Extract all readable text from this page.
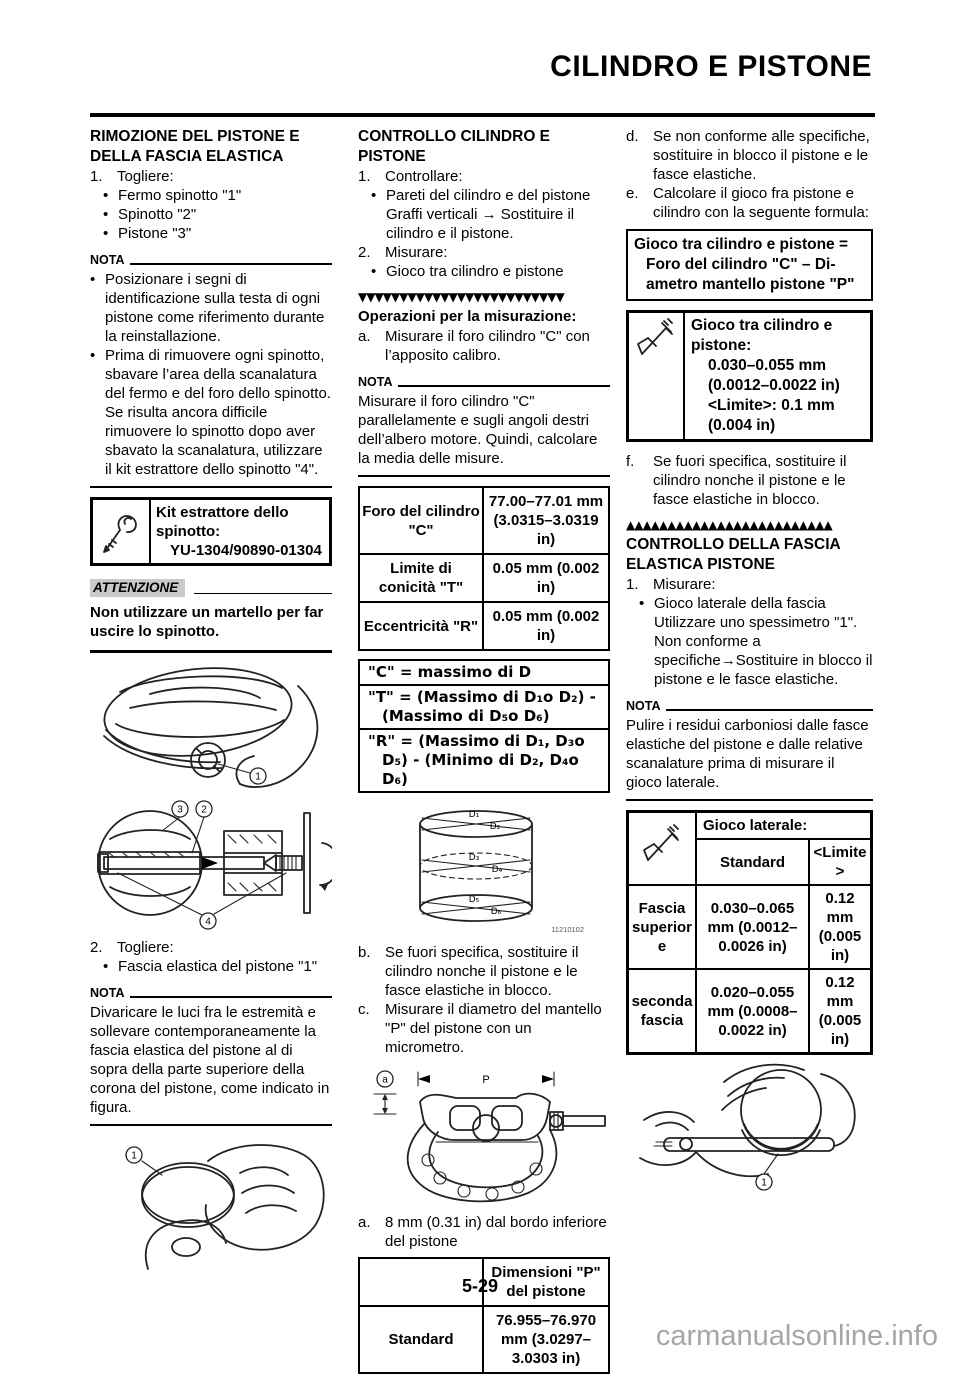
CILINDRO E PISTONE
RIMOZIONE DEL PISTONE E DELLA FASCIA ELASTICA
1. Togliere:
• Fermo spinotto "1"
• Spinotto "2"
• Pistone "3"
NOTA
• Posizionare i segni di identificazione sulla testa di ogni pistone come riferimento durante la reinstallazione.
• Prima di rimuovere ogni spinotto, sbavare l’area della scanalatura del fermo e del foro dello spinotto. Se risulta ancora difficile rimuovere lo spinotto dopo aver sbavato la scanalatura, utilizzare il kit estrattore dello spinotto "4".
Kit estrattore dello spinotto:
YU-1304/90890-01304
ATTENZIONE
Non utilizzare un martello per far uscire lo spinotto.
1
3 2
4
2. Togliere:
• Fascia elastica del pistone "1"
NOTA
Divaricare le luci fra le estremità e sollevare contemporaneamente la fascia elastica del pistone al di sopra della parte superiore della corona del pistone, come indicato in figura.
1
CONTROLLO CILINDRO E PISTONE
1. Controllare:
• Pareti del cilindro e del pistone
Graffi verticali → Sostituire il cilindro e il pistone.
2. Misurare:
• Gioco tra cilindro e pistone
▼▼▼▼▼▼▼▼▼▼▼▼▼▼▼▼▼▼▼▼▼▼▼▼▼
Operazioni per la misurazione:
a. Misurare il foro cilindro "C" con l’apposito calibro.
NOTA
Misurare il foro cilindro "C" parallelamente e sugli angoli destri dell’albero motore. Quindi, calcolare la media delle misure.
Foro del cilindro "C"	77.00–77.01 mm (3.0315–3.0319 in)
Limite di conicità "T"	0.05 mm (0.002 in)
Eccentricità "R"	0.05 mm (0.002 in)
"C" = massimo di D

"T" = (Massimo di D₁o D₂) - (Massimo di D₅o D₆)

"R" = (Massimo di D₁, D₃o D₅) - (Minimo di D₂, D₄o D₆)
D₁
D₂
D₃
D₄
D₅
D₆
11210102
b. Se fuori specifica, sostituire il cilindro nonche il pistone e le fasce elastiche in blocco.
c.	Misurare il diametro del mantello "P" del pistone con un micrometro.
a	P
a. 8 mm (0.31 in) dal bordo inferiore del pistone
	Dimensioni "P" del pistone
Standard	76.955–76.970 mm (3.0297–3.0303 in)
d. Se non conforme alle specifiche, sostituire in blocco il pistone e le fasce elastiche.
e. Calcolare il gioco fra pistone e cilindro con la seguente formula:
Gioco tra cilindro e pistone =
Foro del cilindro "C" – Di-
ametro mantello pistone "P"
Gioco tra cilindro e pistone:
0.030–0.055 mm
(0.0012–0.0022 in)
<Limite>: 0.1 mm
(0.004 in)
f.	Se fuori specifica, sostituire il cilindro nonche il pistone e le fasce elastiche in blocco.
▲▲▲▲▲▲▲▲▲▲▲▲▲▲▲▲▲▲▲▲▲▲▲▲▲
CONTROLLO DELLA FASCIA ELASTICA PISTONE
1. Misurare:
• Gioco laterale della fascia
Utilizzare uno spessimetro "1".
Non conforme a specifiche→Sostituire in blocco il pistone e le fasce elastiche.
NOTA
Pulire i residui carboniosi dalle fasce elastiche del pistone e dalle relative scanalature prima di misurare il gioco laterale.
	Gioco laterale:	
	Standard	<Limite>
Fascia superiore	0.030–0.065 mm (0.0012–0.0026 in)	0.12 mm (0.005 in)
seconda fascia	0.020–0.055 mm (0.0008–0.0022 in)	0.12 mm (0.005 in)
1
5-29
carmanualsonline.info
